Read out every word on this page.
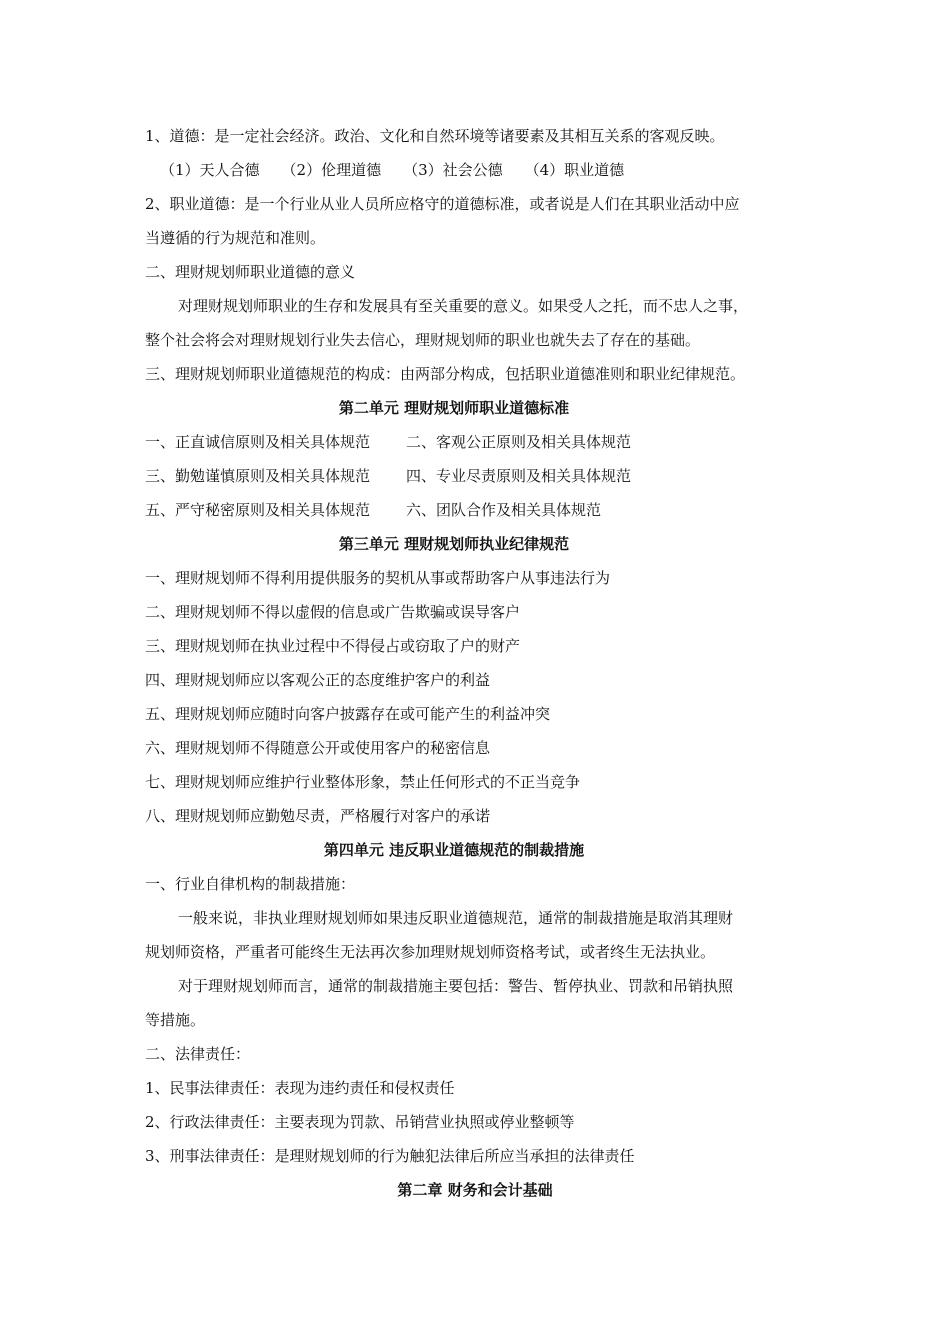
1、道德：是一定社会经济。政治、文化和自然环境等诸要素及其相互关系的客观反映。
（1）天人合德 （2）伦理道德 （3）社会公德 （4）职业道德
2、职业道德：是一个行业从业人员所应格守的道德标准，或者说是人们在其职业活动中应
当遵循的行为规范和准则。
二、理财规划师职业道德的意义
对理财规划师职业的生存和发展具有至关重要的意义。如果受人之托，而不忠人之事，
整个社会将会对理财规划行业失去信心，理财规划师的职业也就失去了存在的基础。
三、理财规划师职业道德规范的构成：由两部分构成，包括职业道德准则和职业纪律规范。
第二单元 理财规划师职业道德标准
一、正直诚信原则及相关具体规范 二、客观公正原则及相关具体规范
三、勤勉谨慎原则及相关具体规范 四、专业尽责原则及相关具体规范
五、严守秘密原则及相关具体规范 六、团队合作及相关具体规范
第三单元 理财规划师执业纪律规范
一、理财规划师不得利用提供服务的契机从事或帮助客户从事违法行为
二、理财规划师不得以虚假的信息或广告欺骗或误导客户
三、理财规划师在执业过程中不得侵占或窃取了户的财产
四、理财规划师应以客观公正的态度维护客户的利益
五、理财规划师应随时向客户披露存在或可能产生的利益冲突
六、理财规划师不得随意公开或使用客户的秘密信息
七、理财规划师应维护行业整体形象，禁止任何形式的不正当竞争
八、理财规划师应勤勉尽责，严格履行对客户的承诺
第四单元 违反职业道德规范的制裁措施
一、行业自律机构的制裁措施：
一般来说，非执业理财规划师如果违反职业道德规范，通常的制裁措施是取消其理财
规划师资格，严重者可能终生无法再次参加理财规划师资格考试，或者终生无法执业。
对于理财规划师而言，通常的制裁措施主要包括：警告、暂停执业、罚款和吊销执照
等措施。
二、法律责任：
1、民事法律责任：表现为违约责任和侵权责任
2、行政法律责任：主要表现为罚款、吊销营业执照或停业整顿等
3、刑事法律责任：是理财规划师的行为触犯法律后所应当承担的法律责任
第二章 财务和会计基础
